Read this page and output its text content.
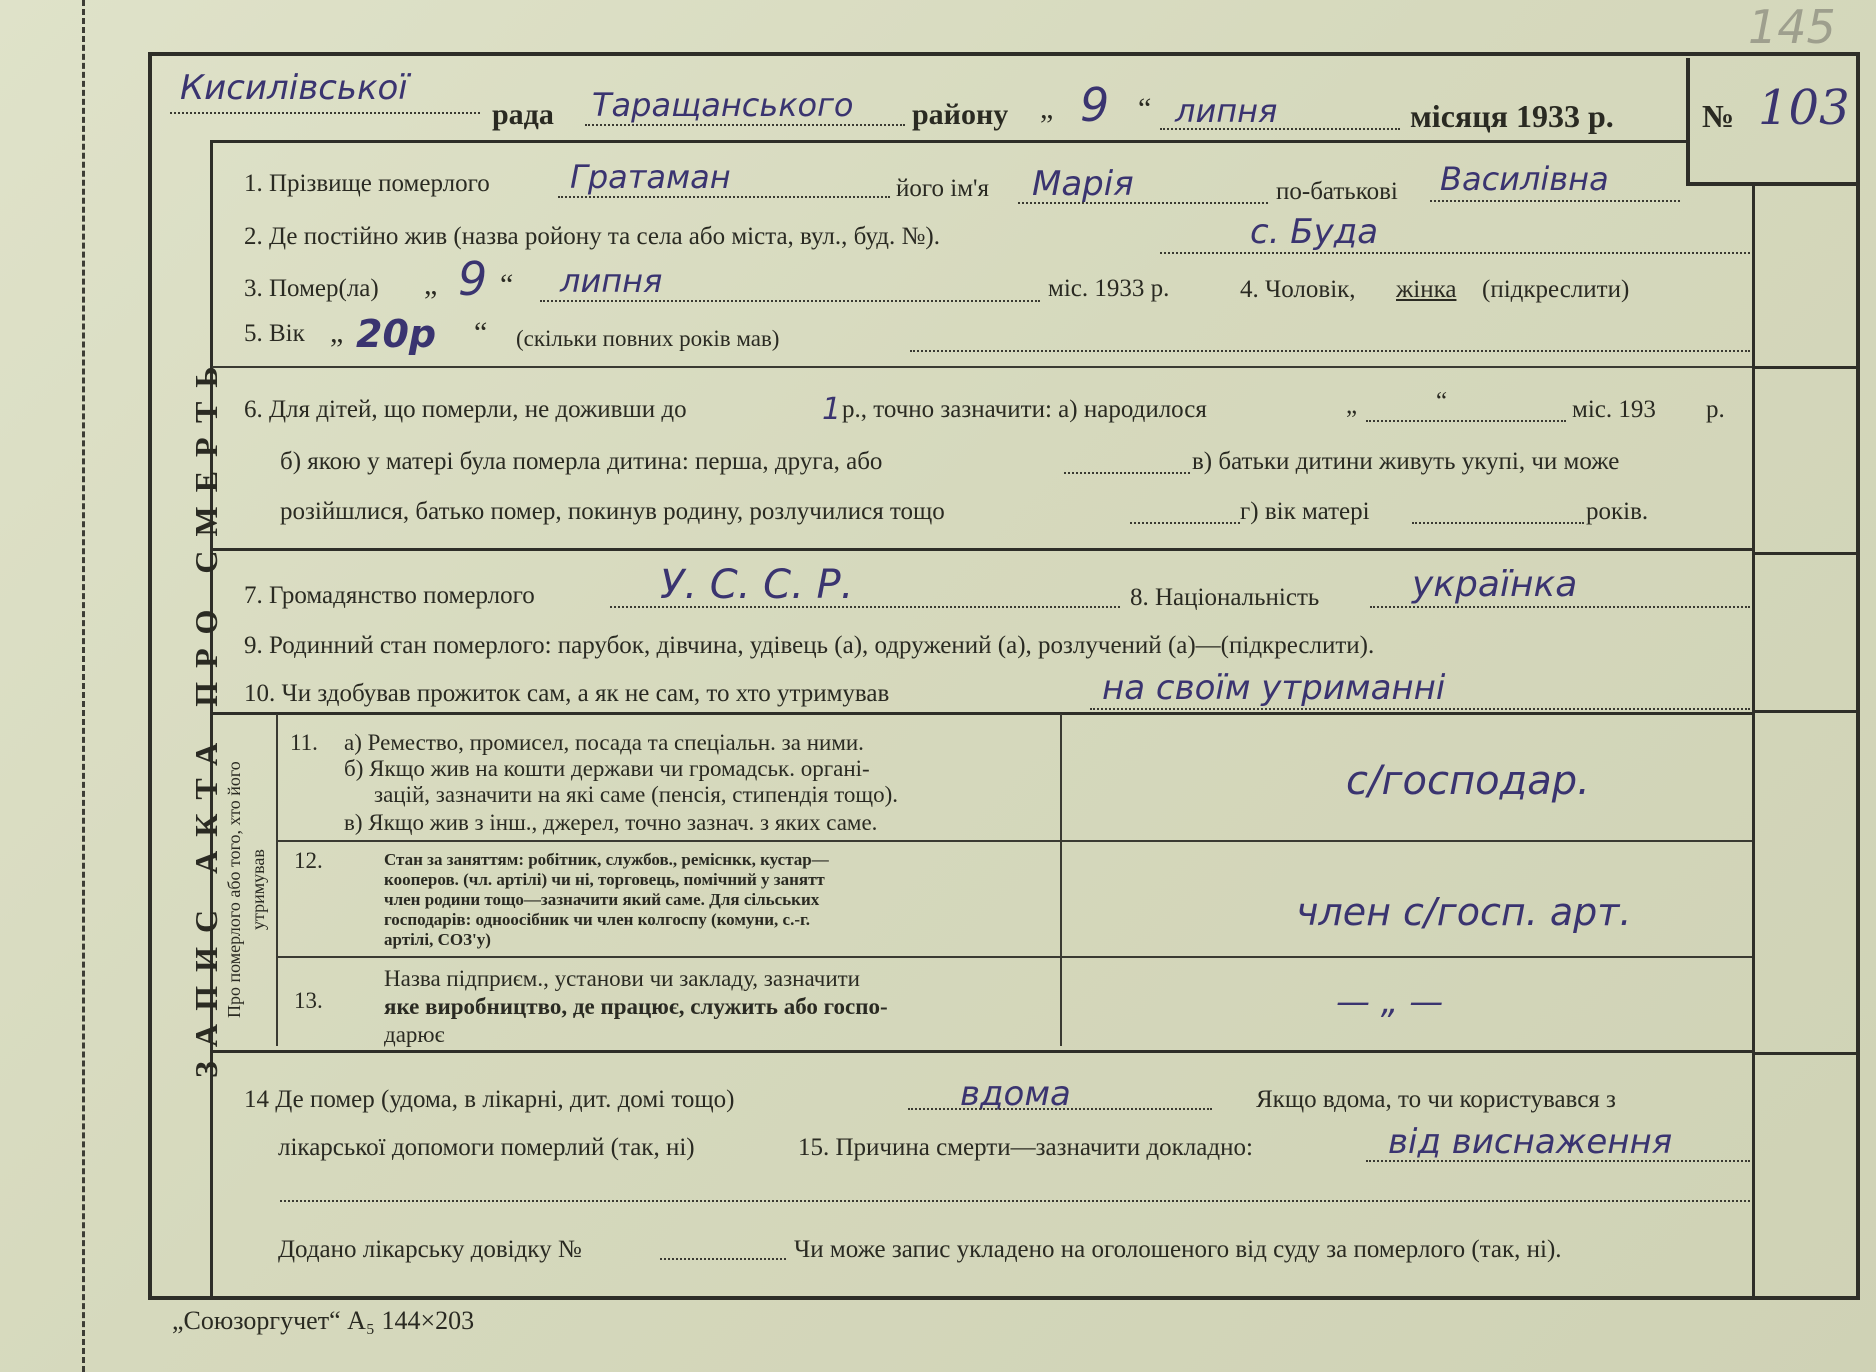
145
№ 103
Кисилівської
рада Таращанського району „ 9 “ липня	місяця 1933 р.
ЗАПИС АКТА ПРО СМЕРТЬ
1. Прізвище померлого	Гратаман	його ім'я Марія	по-батькові Василівна
2. Де постійно жив (назва ройону та села або міста, вул., буд. №).	с. Буда
3. Помер(ла) „ 9 “ липня	міс. 1933 р.	4. Чоловік, жінка (підкреслити)
5. Вік „ 20р “ (скільки повних років мав)
6. Для дітей, що померли, не доживши до	1 р., точно зазначити: а) народилося	„	“	міс. 193 р.
б) якою у матері була померла дитина: перша, друга, або	в) батьки дитини живуть укупі, чи може
розійшлися, батько помер, покинув родину, розлучилися тощо	г) вік матері	років.
7. Громадянство померлого	У. С. С. Р.	8. Національність	українка
9. Родинний стан померлого: парубок, дівчина, удівець (а), одружений (а), розлучений (а)—(підкреслити).
10. Чи здобував прожиток сам, а як не сам, то хто утримував	на своїм утриманні
Про померлого або того, хто його утримував
11. а) Ремество, промисел, посада та спеціальн. за ними.
б) Якщо жив на кошти держави чи громадськ. органі-
зацій, зазначити на які саме (пенсія, стипендія тощо).
в) Якщо жив з інш., джерел, точно зазнач. з яких саме.
с/господар.
12.	Стан за заняттям: робітник, службов., реміснкк, кустар—
кооперов. (чл. артілі) чи ні, торговець, помічний у занятт
член родини тощо—зазначити який саме. Для сільських
господарів: одноосібник чи член колгоспу (комуни, с.-г.
артілі, СОЗ'у)
член с/госп. арт.
13.
Назва підприєм., установи чи закладу, зазначити
яке виробництво, де працює, служить або госпо-
дарює
— „ —
14 Де помер (удома, в лікарні, дит. домі тощо)	вдома	Якщо вдома, то чи користувався з
лікарської допомоги померлий (так, ні)	15. Причина смерти—зазначити докладно:	від виснаження
Додано лікарську довідку №	Чи може запис укладено на оголошеного від суду за померлого (так, ні).
„Союзоргучет“ А₅ 144×203
